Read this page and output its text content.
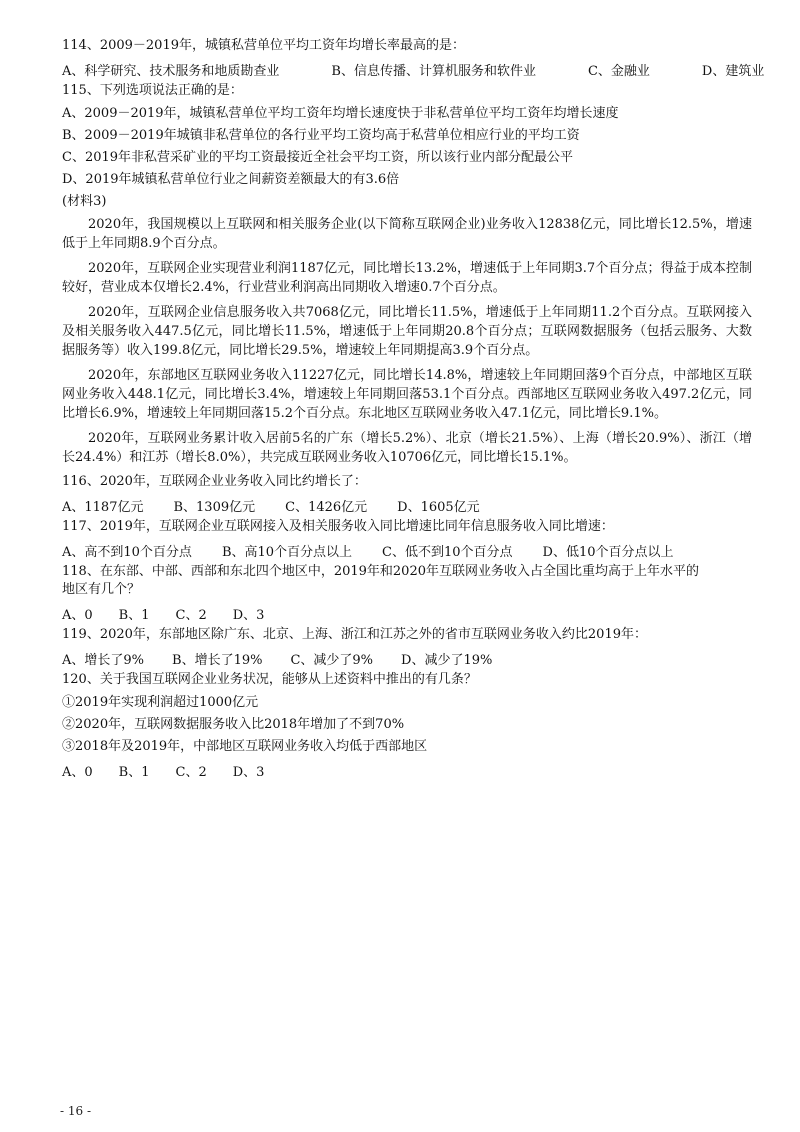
114、2009－2019年，城镇私营单位平均工资年均增长率最高的是：

A、科学研究、技术服务和地质勘查业	B、信息传播、计算机服务和软件业	C、金融业	D、建筑业

115、下列选项说法正确的是：

A、2009－2019年，城镇私营单位平均工资年均增长速度快于非私营单位平均工资年均增长速度
B、2009－2019年城镇非私营单位的各行业平均工资均高于私营单位相应行业的平均工资
C、2019年非私营采矿业的平均工资最接近全社会平均工资，所以该行业内部分配最公平
D、2019年城镇私营单位行业之间薪资差额最大的有3.6倍

(材料3)

2020年，我国规模以上互联网和相关服务企业(以下简称互联网企业)业务收入12838亿元，同比增长12.5%，增速低于上年同期8.9个百分点。

2020年，互联网企业实现营业利润1187亿元，同比增长13.2%，增速低于上年同期3.7个百分点；得益于成本控制较好，营业成本仅增长2.4%，行业营业利润高出同期收入增速0.7个百分点。

2020年，互联网企业信息服务收入共7068亿元，同比增长11.5%，增速低于上年同期11.2个百分点。互联网接入及相关服务收入447.5亿元，同比增长11.5%，增速低于上年同期20.8个百分点；互联网数据服务（包括云服务、大数据服务等）收入199.8亿元，同比增长29.5%，增速较上年同期提高3.9个百分点。

2020年，东部地区互联网业务收入11227亿元，同比增长14.8%，增速较上年同期回落9个百分点，中部地区互联网业务收入448.1亿元，同比增长3.4%，增速较上年同期回落53.1个百分点。西部地区互联网业务收入497.2亿元，同比增长6.9%，增速较上年同期回落15.2个百分点。东北地区互联网业务收入47.1亿元，同比增长9.1%。

2020年，互联网业务累计收入居前5名的广东（增长5.2%）、北京（增长21.5%）、上海（增长20.9%）、浙江（增长24.4%）和江苏（增长8.0%），共完成互联网业务收入10706亿元，同比增长15.1%。

116、2020年，互联网企业业务收入同比约增长了：

A、1187亿元 B、1309亿元 C、1426亿元 D、1605亿元

117、2019年，互联网企业互联网接入及相关服务收入同比增速比同年信息服务收入同比增速：

A、高不到10个百分点 B、高10个百分点以上 C、低不到10个百分点 D、低10个百分点以上

118、在东部、中部、西部和东北四个地区中，2019年和2020年互联网业务收入占全国比重均高于上年水平的

地区有几个？

A、0 B、1 C、2 D、3

119、2020年，东部地区除广东、北京、上海、浙江和江苏之外的省市互联网业务收入约比2019年：

A、增长了9% B、增长了19% C、减少了9% D、减少了19%

120、关于我国互联网企业业务状况，能够从上述资料中推出的有几条？

①2019年实现利润超过1000亿元
②2020年，互联网数据服务收入比2018年增加了不到70%
③2018年及2019年，中部地区互联网业务收入均低于西部地区
A、0 B、1 C、2 D、3
- 16 -
